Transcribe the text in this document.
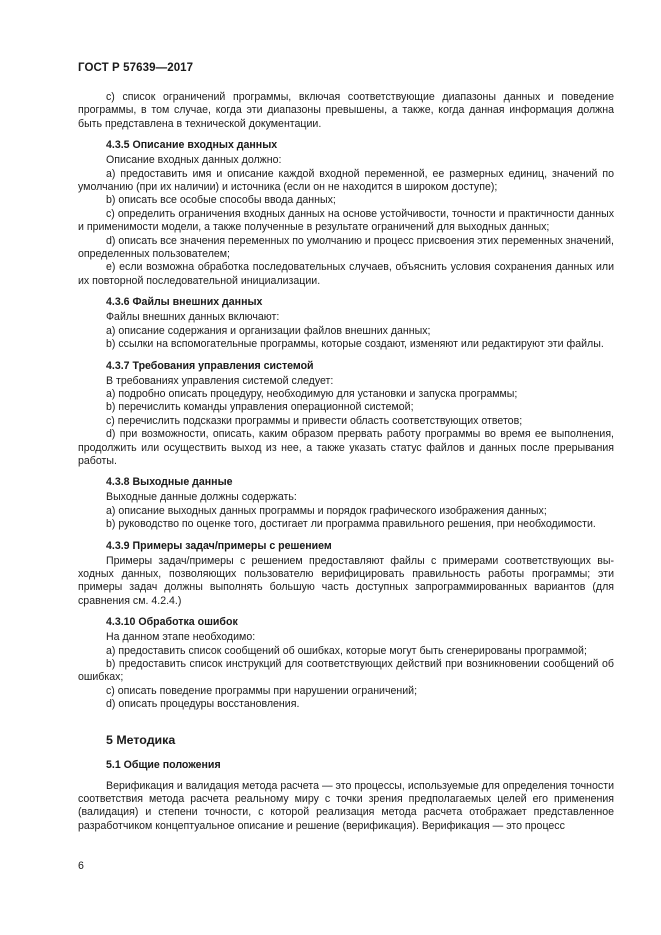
ГОСТ Р 57639—2017

c) список ограничений программы, включая соответствующие диапазоны данных и поведение программы, в том случае, когда эти диапазоны превышены, а также, когда данная информация должна быть представлена в технической документации.

4.3.5 Описание входных данных

Описание входных данных должно:

а) предоставить имя и описание каждой входной переменной, ее размерных единиц, значений по умолчанию (при их наличии) и источника (если он не находится в широком доступе);

b) описать все особые способы ввода данных;

c) определить ограничения входных данных на основе устойчивости, точности и практичности данных и применимости модели, а также полученные в результате ограничений для выходных данных;

d) описать все значения переменных по умолчанию и процесс присвоения этих переменных значений, определенных пользователем;

e) если возможна обработка последовательных случаев, объяснить условия сохранения данных или их повторной последовательной инициализации.

4.3.6 Файлы внешних данных

Файлы внешних данных включают:

а) описание содержания и организации файлов внешних данных;

b) ссылки на вспомогательные программы, которые создают, изменяют или редактируют эти файлы.

4.3.7 Требования управления системой

В требованиях управления системой следует:

а) подробно описать процедуру, необходимую для установки и запуска программы;

b) перечислить команды управления операционной системой;

c) перечислить подсказки программы и привести область соответствующих ответов;

d) при возможности, описать, каким образом прервать работу программы во время ее выполнения, продолжить или осуществить выход из нее, а также указать статус файлов и данных после прерывания работы.

4.3.8 Выходные данные

Выходные данные должны содержать:

а) описание выходных данных программы и порядок графического изображения данных;

b) руководство по оценке того, достигает ли программа правильного решения, при необходимости.

4.3.9 Примеры задач/примеры с решением

Примеры задач/примеры с решением предоставляют файлы с примерами соответствующих выходных данных, позволяющих пользователю верифицировать правильность работы программы; эти примеры задач должны выполнять большую часть доступных запрограммированных вариантов (для сравнения см. 4.2.4.)

4.3.10 Обработка ошибок

На данном этапе необходимо:

а) предоставить список сообщений об ошибках, которые могут быть сгенерированы программой;

b) предоставить список инструкций для соответствующих действий при возникновении сообщений об ошибках;

c) описать поведение программы при нарушении ограничений;

d) описать процедуры восстановления.

5 Методика
5.1 Общие положения

Верификация и валидация метода расчета — это процессы, используемые для определения точности соответствия метода расчета реальному миру с точки зрения предполагаемых целей его применения (валидация) и степени точности, с которой реализация метода расчета отображает представленное разработчиком концептуальное описание и решение (верификация). Верификация — это процесс

6
